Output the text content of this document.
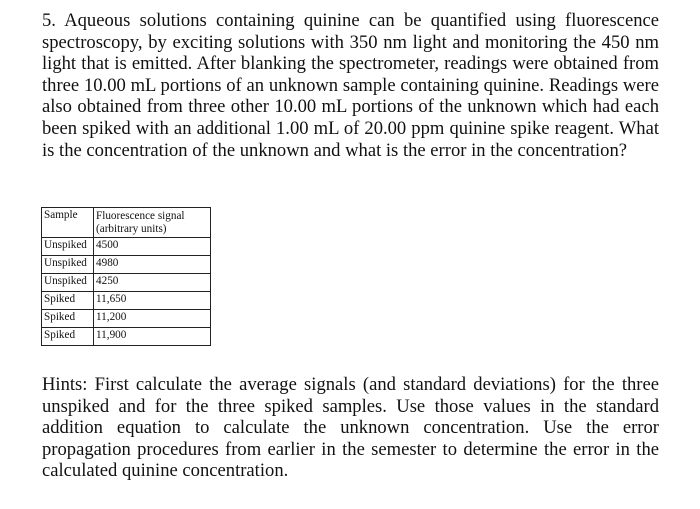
5. Aqueous solutions containing quinine can be quantified using fluorescence spectroscopy, by exciting solutions with 350 nm light and monitoring the 450 nm light that is emitted. After blanking the spectrometer, readings were obtained from three 10.00 mL portions of an unknown sample containing quinine. Readings were also obtained from three other 10.00 mL portions of the unknown which had each been spiked with an additional 1.00 mL of 20.00 ppm quinine spike reagent. What is the concentration of the unknown and what is the error in the concentration?

Sample	Fluorescence signal (arbitrary units)
Unspiked	4500
Unspiked	4980
Unspiked	4250
Spiked	11,650
Spiked	11,200
Spiked	11,900

Hints: First calculate the average signals (and standard deviations) for the three unspiked and for the three spiked samples. Use those values in the standard addition equation to calculate the unknown concentration. Use the error propagation procedures from earlier in the semester to determine the error in the calculated quinine concentration.
